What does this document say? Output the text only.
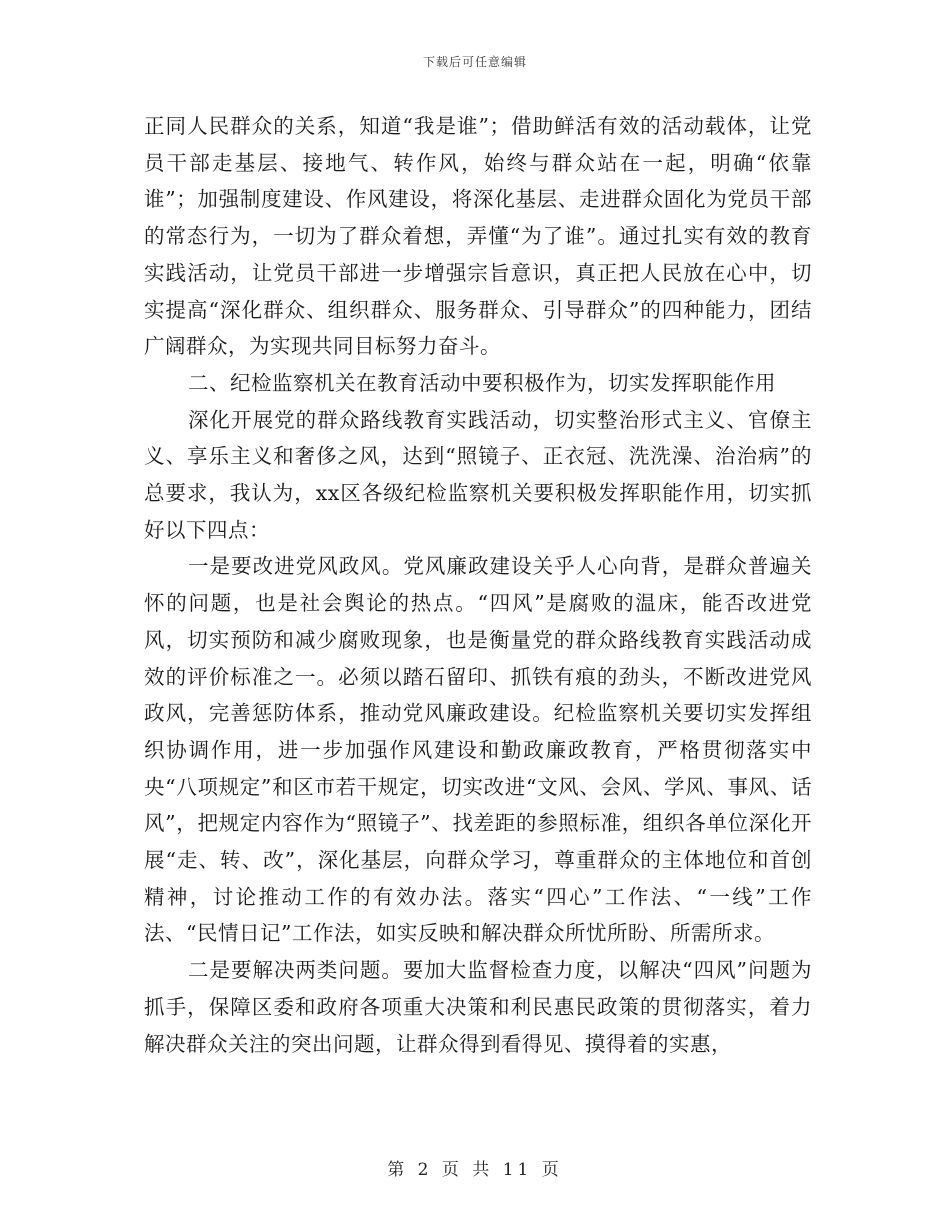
下载后可任意编辑

正同人民群众的关系，知道“我是谁”；借助鲜活有效的活动载体，让党员干部走基层、接地气、转作风，始终与群众站在一起，明确“依靠谁”；加强制度建设、作风建设，将深化基层、走进群众固化为党员干部的常态行为，一切为了群众着想，弄懂“为了谁”。通过扎实有效的教育实践活动，让党员干部进一步增强宗旨意识，真正把人民放在心中，切实提高“深化群众、组织群众、服务群众、引导群众”的四种能力，团结广阔群众，为实现共同目标努力奋斗。

二、纪检监察机关在教育活动中要积极作为，切实发挥职能作用

深化开展党的群众路线教育实践活动，切实整治形式主义、官僚主义、享乐主义和奢侈之风，达到“照镜子、正衣冠、洗洗澡、治治病”的总要求，我认为，xx区各级纪检监察机关要积极发挥职能作用，切实抓好以下四点：

一是要改进党风政风。党风廉政建设关乎人心向背，是群众普遍关怀的问题，也是社会舆论的热点。“四风”是腐败的温床，能否改进党风，切实预防和减少腐败现象，也是衡量党的群众路线教育实践活动成效的评价标准之一。必须以踏石留印、抓铁有痕的劲头，不断改进党风政风，完善惩防体系，推动党风廉政建设。纪检监察机关要切实发挥组织协调作用，进一步加强作风建设和勤政廉政教育，严格贯彻落实中央“八项规定”和区市若干规定，切实改进“文风、会风、学风、事风、话风”，把规定内容作为“照镜子”、找差距的参照标准，组织各单位深化开展“走、转、改”，深化基层，向群众学习，尊重群众的主体地位和首创精神，讨论推动工作的有效办法。落实“四心”工作法、“一线”工作法、“民情日记”工作法，如实反映和解决群众所忧所盼、所需所求。

二是要解决两类问题。要加大监督检查力度，以解决“四风”问题为抓手，保障区委和政府各项重大决策和利民惠民政策的贯彻落实，着力解决群众关注的突出问题，让群众得到看得见、摸得着的实惠，

第 2 页 共 11 页
